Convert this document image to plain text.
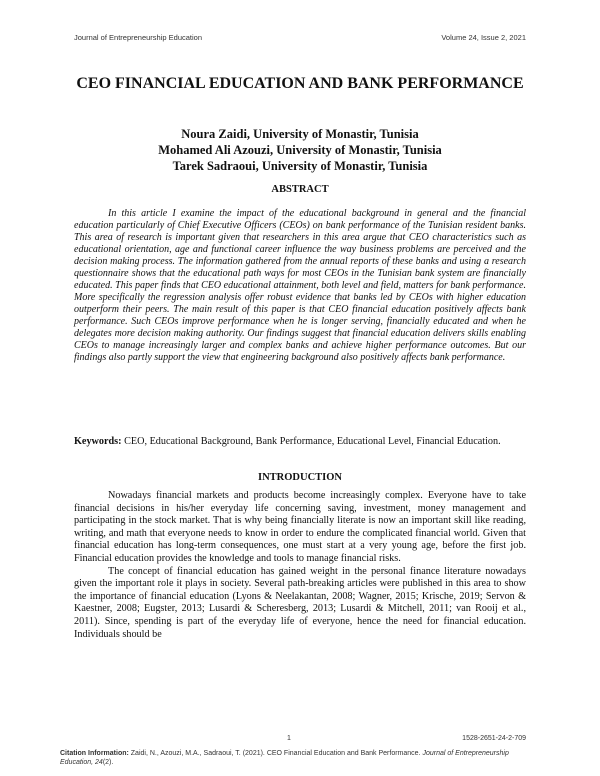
Journal of Entrepreneurship Education	Volume 24, Issue 2, 2021
CEO FINANCIAL EDUCATION AND BANK PERFORMANCE
Noura Zaidi, University of Monastir, Tunisia
Mohamed Ali Azouzi, University of Monastir, Tunisia
Tarek Sadraoui, University of Monastir, Tunisia
ABSTRACT

In this article I examine the impact of the educational background in general and the financial education particularly of Chief Executive Officers (CEOs) on bank performance of the Tunisian resident banks. This area of research is important given that researchers in this area argue that CEO characteristics such as educational orientation, age and functional career influence the way business problems are perceived and the decision making process. The information gathered from the annual reports of these banks and using a research questionnaire shows that the educational path ways for most CEOs in the Tunisian bank system are financially educated. This paper finds that CEO educational attainment, both level and field, matters for bank performance. More specifically the regression analysis offer robust evidence that banks led by CEOs with higher education outperform their peers. The main result of this paper is that CEO financial education positively affects bank performance. Such CEOs improve performance when he is longer serving, financially educated and when he delegates more decision making authority. Our findings suggest that financial education delivers skills enabling CEOs to manage increasingly larger and complex banks and achieve higher performance outcomes. But our findings also partly support the view that engineering background also positively affects bank performance.

Keywords: CEO, Educational Background, Bank Performance, Educational Level, Financial Education.

INTRODUCTION

Nowadays financial markets and products become increasingly complex. Everyone have to take financial decisions in his/her everyday life concerning saving, investment, money management and participating in the stock market. That is why being financially literate is now an important skill like reading, writing, and math that everyone needs to know in order to endure the complicated financial world. Given that financial education has long-term consequences, one must start at a very young age, before the first job. Financial education provides the knowledge and tools to manage financial risks.

The concept of financial education has gained weight in the personal finance literature nowadays given the important role it plays in society. Several path-breaking articles were published in this area to show the importance of financial education (Lyons & Neelakantan, 2008; Wagner, 2015; Krische, 2019; Servon & Kaestner, 2008; Eugster, 2013; Lusardi & Scheresberg, 2013; Lusardi & Mitchell, 2011; van Rooij et al., 2011). Since, spending is part of the everyday life of everyone, hence the need for financial education. Individuals should be

1	1528-2651-24-2-709
Citation Information: Zaidi, N., Azouzi, M.A., Sadraoui, T. (2021). CEO Financial Education and Bank Performance. Journal of Entrepreneurship Education, 24(2).
